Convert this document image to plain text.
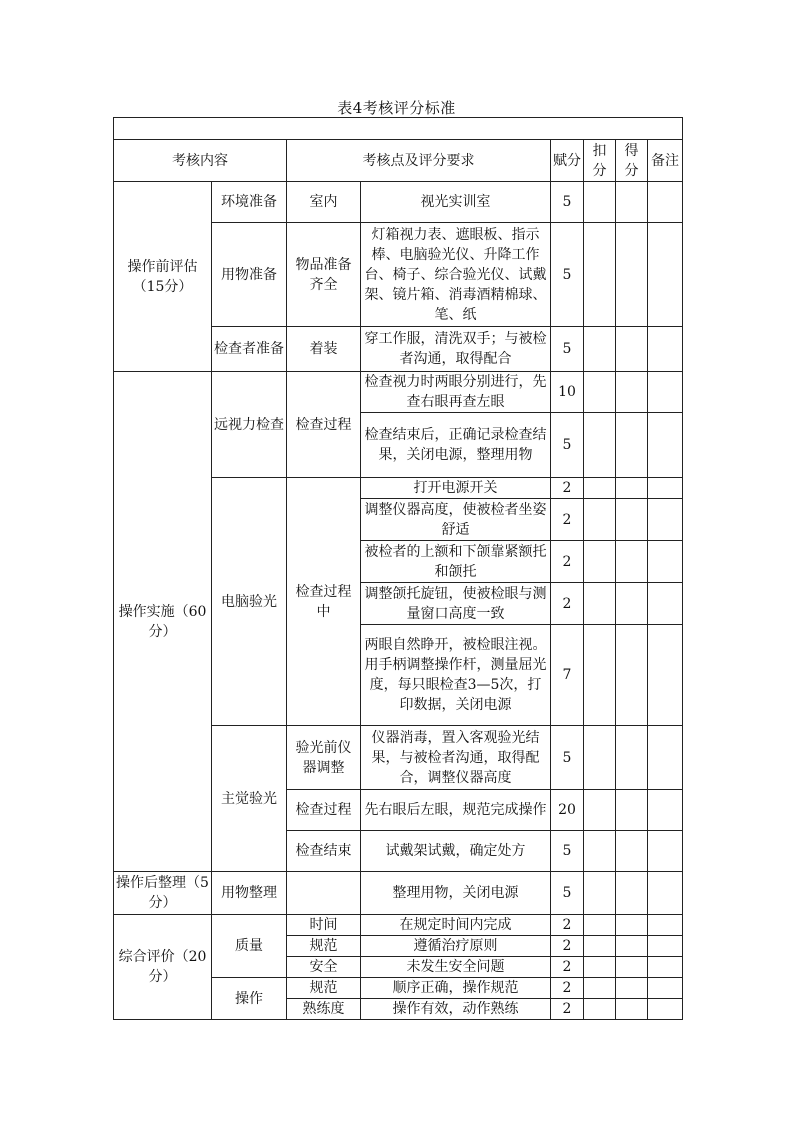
表4考核评分标准

考核内容		考核点及评分要求		赋分	扣分	得分	备注
操作前评估（15分）	环境准备	室内	视光实训室	5			
	用物准备	物品准备齐全	灯箱视力表、遮眼板、指示棒、电脑验光仪、升降工作台、椅子、综合验光仪、试戴架、镜片箱、消毒酒精棉球、笔、纸	5			
	检查者准备	着装	穿工作服，清洗双手；与被检者沟通，取得配合	5			
操作实施（60分）	远视力检查	检查过程	检查视力时两眼分别进行，先查右眼再查左眼	10			
			检查结束后，正确记录检查结果，关闭电源，整理用物	5			
	电脑验光	检查过程中	打开电源开关	2			
			调整仪器高度，使被检者坐姿舒适	2			
			被检者的上额和下颌靠紧额托和颌托	2			
			调整颌托旋钮，使被检眼与测量窗口高度一致	2			
			两眼自然睁开，被检眼注视。用手柄调整操作杆，测量屈光度，每只眼检查3—5次，打印数据，关闭电源	7			
	主觉验光	验光前仪器调整	仪器消毒，置入客观验光结果，与被检者沟通，取得配合，调整仪器高度	5			
		检查过程	先右眼后左眼，规范完成操作	20			
		检查结束	试戴架试戴，确定处方	5			
操作后整理（5分）	用物整理		整理用物，关闭电源	5			
综合评价（20分）	质量	时间	在规定时间内完成	2			
		规范	遵循治疗原则	2			
		安全	未发生安全问题	2			
	操作	规范	顺序正确，操作规范	2			
		熟练度	操作有效，动作熟练	2			
